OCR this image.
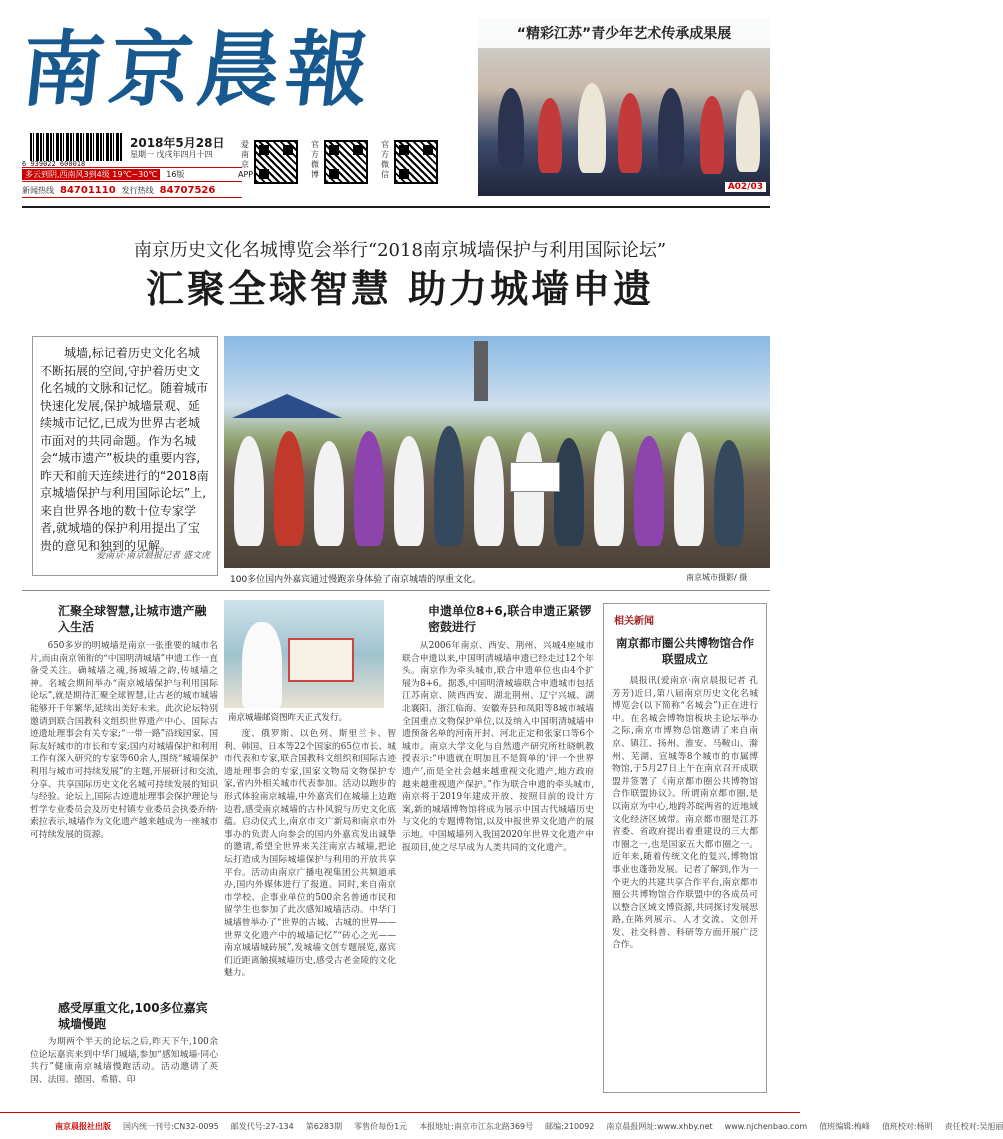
南京晨報
6 939022 600018
2018年5月28日
星期一 戊戌年四月十四
多云到阴,西南风3到4级 19℃~30℃	16版
新闻热线 84701110 发行热线 84707526
爱南京APP
官方微博
官方微信
“精彩江苏”青少年艺术传承成果展
A02/03
南京历史文化名城博览会举行“2018南京城墙保护与利用国际论坛”
汇聚全球智慧 助力城墙申遗
城墙,标记着历史文化名城不断拓展的空间,守护着历史文化名城的文脉和记忆。随着城市快速化发展,保护城墙景观、延续城市记忆,已成为世界古老城市面对的共同命题。作为名城会“城市遗产”板块的重要内容,昨天和前天连续进行的“2018南京城墙保护与利用国际论坛”上,来自世界各地的数十位专家学者,就城墙的保护利用提出了宝贵的意见和独到的见解。
爱南京·南京晨报记者 盛文虎
100多位国内外嘉宾通过慢跑亲身体验了南京城墙的厚重文化。	南京城市摄影/ 摄
汇聚全球智慧,让城市遗产融入生活

650多岁的明城墙是南京一张重要的城市名片,而由南京领衔的“中国明清城墙”申遗工作一直备受关注。确城墙之魂,扬城墙之韵,传城墙之神。名城会期间举办“南京城墙保护与利用国际论坛”,就是期待汇聚全球智慧,让古老的城市城墙能够开千年繁华,延续出美好未来。此次论坛特别邀请到联合国教科文组织世界遗产中心、国际古迹遗址理事会有关专家;“一带一路”沿线国家、国际友好城市的市长和专家;国内对城墙保护和利用工作有深入研究的专家等60余人,围绕“城墙保护利用与城市可持续发展”的主题,开展研讨和交流,分享、共享国际历史文化名城可持续发展的知识与经验。论坛上,国际古迹遗址理事会保护理论与哲学专业委员会及历史村镇专业委员会执委乔纳·索拉表示,城墙作为文化遗产越来越成为一座城市可持续发展的资源。

感受厚重文化,100多位嘉宾城墙慢跑

为期两个半天的论坛之后,昨天下午,100余位论坛嘉宾来到中华门城墙,参加“感知城墙·同心共行”健康南京城墙慢跑活动。活动邀请了英国、法国、德国、希腊、印

南京城墙邮资图昨天正式发行。

度、俄罗斯、以色列、斯里兰卡、智利、韩国、日本等22个国家的65位市长、城市代表和专家,联合国教科文组织和国际古迹遗址理事会的专家,国家文物局文物保护专家,省内外相关城市代表参加。活动以跑步的形式体验南京城墙,中外嘉宾们在城墙上边跑边看,感受南京城墙的古朴风貌与历史文化底蕴。启动仪式上,南京市文广新局和南京市外事办的负责人向参会的国内外嘉宾发出诚挚的邀请,希望全世界来关注南京古城墙,把论坛打造成为国际城墙保护与利用的开放共享平台。活动由南京广播电视集团公共频道承办,国内外媒体进行了报道。同时,来自南京市学校、企事业单位的500余名普通市民和留学生也参加了此次感知城墙活动。中华门城墙曾举办了“世界的古城、古城的世界——世界文化遗产中的城墙记忆”“砖心之光——南京城墙城砖展”,发城墙文创专题展览,嘉宾们近距离触摸城墙历史,感受古老金陵的文化魅力。

申遗单位8+6,联合申遗正紧锣密鼓进行

从2006年南京、西安、荆州、兴城4座城市联合申遗以来,中国明清城墙申遗已经走过12个年头。南京作为牵头城市,联合申遗单位也由4个扩展为8+6。据悉,中国明清城墙联合申遗城市包括江苏南京、陕西西安、湖北荆州、辽宁兴城、湖北襄阳、浙江临海、安徽寿县和凤阳等8城市城墙全国重点文物保护单位,以及纳入中国明清城墙申遗预备名单的河南开封、河北正定和张家口等6个城市。南京大学文化与自然遗产研究所杜晓帆教授表示:“申遗就在明加且不是简单的‘评一个世界遗产’,而是全社会越来越重视文化遗产,地方政府越来越重视遗产保护。”作为联合申遗的牵头城市,南京将于2019年建成开放、按照目前的设计方案,新的城墙博物馆将成为展示中国古代城墙历史与文化的专题博物馆,以及申报世界文化遗产的展示地。中国城墙列入我国2020年世界文化遗产申报项目,使之尽早成为人类共同的文化遗产。

相关新闻
南京都市圈公共博物馆合作联盟成立

晨报讯(爱南京·南京晨报记者 孔芳芳)近日,第八届南京历史文化名城博览会(以下简称“名城会”)正在进行中。在名城会博物馆板块主论坛举办之际,南京市博物总馆邀请了来自南京、镇江、扬州、淮安、马鞍山、滁州、芜湖、宣城等8个城市的市属博物馆,于5月27日上午在南京召开成联盟并签署了《南京都市圈公共博物馆合作联盟协议》。所谓南京都市圈,是以南京为中心,地跨苏皖两省的近地域文化经济区域带。南京都市圈是江苏省委、省政府提出着重建设的三大都市圈之一,也是国家五大都市圈之一。近年来,随着传统文化的复兴,博物馆事业也蓬勃发展。记者了解到,作为一个更大的共建共享合作平台,南京都市圈公共博物馆合作联盟中的各成员可以整合区域文博资源,共同探讨发展思路,在陈列展示、人才交流、文创开发、社交科普、科研等方面开展广泛合作。

南京晨报社出版 国内统一刊号:CN32-0095 邮发代号:27-134 第6283期 零售价每份1元 本报地址:南京市江东北路369号 邮编:210092 南京晨报网址:www.xhby.net www.njchenbao.com 值班编辑:梅峰 值班校对:杨明 责任校对:吴旭丽
